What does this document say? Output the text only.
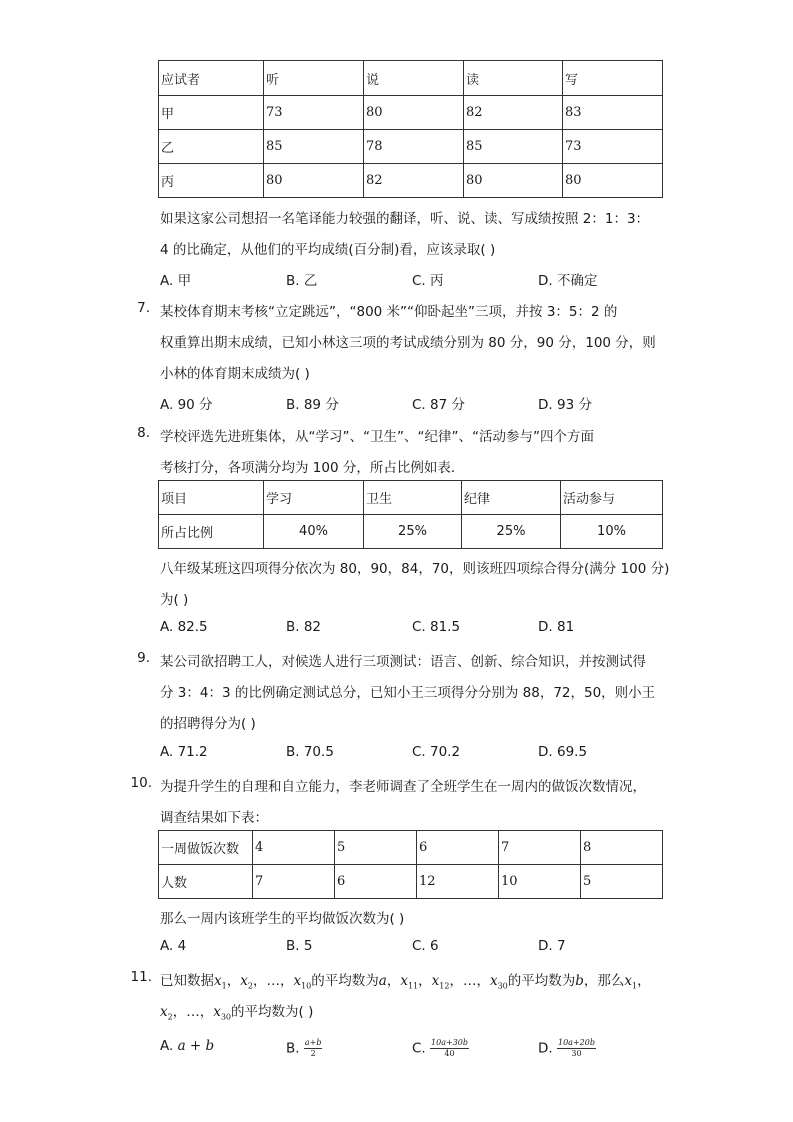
应试者	听	说	读	写
甲	73	80	82	83
乙	85	78	85	73
丙	80	82	80	80
如果这家公司想招一名笔译能力较强的翻译，听、说、读、写成绩按照 2：1：3：
4 的比确定，从他们的平均成绩(百分制)看，应该录取( )
A. 甲	B. 乙	C. 丙	D. 不确定
7. 某校体育期末考核“立定跳远”，“800 米”“仰卧起坐”三项，并按 3：5：2 的
权重算出期末成绩，已知小林这三项的考试成绩分别为 80 分，90 分，100 分，则
小林的体育期末成绩为( )
A. 90 分	B. 89 分	C. 87 分	D. 93 分
8. 学校评选先进班集体，从“学习”、“卫生”、“纪律”、“活动参与”四个方面
考核打分，各项满分均为 100 分，所占比例如表．
项目	学习	卫生	纪律	活动参与
所占比例	40%	25%	25%	10%
八年级某班这四项得分依次为 80，90，84，70，则该班四项综合得分(满分 100 分)
为( )
A. 82.5	B. 82	C. 81.5	D. 81
9. 某公司欲招聘工人，对候选人进行三项测试：语言、创新、综合知识，并按测试得
分 3：4：3 的比例确定测试总分，已知小王三项得分分别为 88，72，50，则小王
的招聘得分为( )
A. 71.2	B. 70.5	C. 70.2	D. 69.5
10. 为提升学生的自理和自立能力，李老师调查了全班学生在一周内的做饭次数情况，
调查结果如下表：
一周做饭次数	4	5	6	7	8
人数	7	6	12	10	5
那么一周内该班学生的平均做饭次数为( )
A. 4	B. 5	C. 6	D. 7
11. 已知数据$x_1$，$x_2$，…，$x_{10}$的平均数为a，$x_{11}$，$x_{12}$，…，$x_{30}$的平均数为b，那么$x_1$，
$x_2$，…，$x_{30}$的平均数为( )
A. a + b	B. $\frac{a+b}{2}$	C. $\frac{10a+30b}{40}$	D. $\frac{10a+20b}{30}$
